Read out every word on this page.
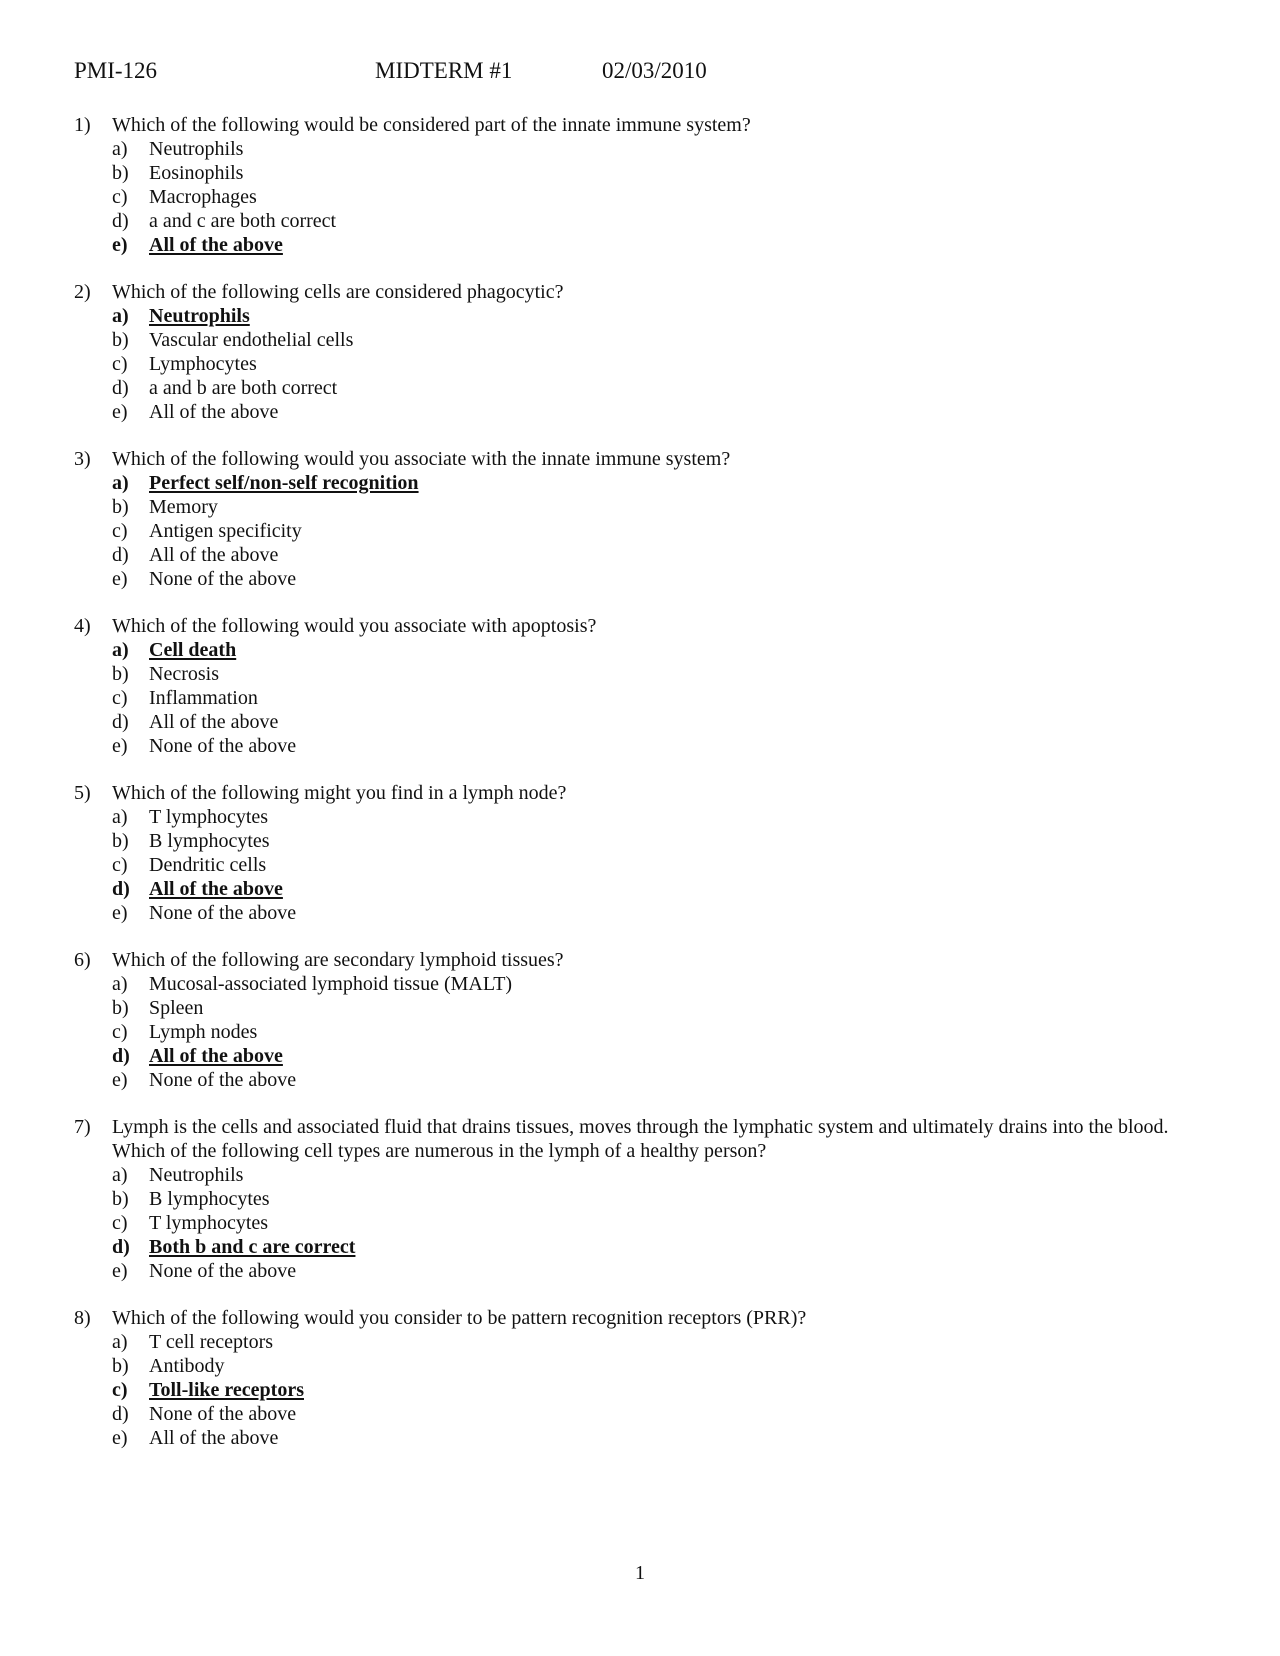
PMI-126	MIDTERM #1	02/03/2010
1)	Which of the following would be considered part of the innate immune system?
a)	Neutrophils
b)	Eosinophils
c)	Macrophages
d)	a and c are both correct
e)	All of the above
2)	Which of the following cells are considered phagocytic?
a)	Neutrophils
b)	Vascular endothelial cells
c)	Lymphocytes
d)	a and b are both correct
e)	All of the above
3)	Which of the following would you associate with the innate immune system?
a)	Perfect self/non-self recognition
b)	Memory
c)	Antigen specificity
d)	All of the above
e)	None of the above
4)	Which of the following would you associate with apoptosis?
a)	Cell death
b)	Necrosis
c)	Inflammation
d)	All of the above
e)	None of the above
5)	Which of the following might you find in a lymph node?
a)	T lymphocytes
b)	B lymphocytes
c)	Dendritic cells
d) All of the above
e)	None of the above
6)	Which of the following are secondary lymphoid tissues?
a)	Mucosal-associated lymphoid tissue (MALT)
b)	Spleen
c)	Lymph nodes
d) All of the above
e)	None of the above
7)	Lymph is the cells and associated fluid that drains tissues, moves through the lymphatic system and ultimately drains into the blood. Which of the following cell types are numerous in the lymph of a healthy person?
a)	Neutrophils
b)	B lymphocytes
c)	T lymphocytes
d) Both b and c are correct
e)	None of the above
8)	Which of the following would you consider to be pattern recognition receptors (PRR)?
a)	T cell receptors
b)	Antibody
c)	Toll-like receptors
d)	None of the above
e)	All of the above
1
